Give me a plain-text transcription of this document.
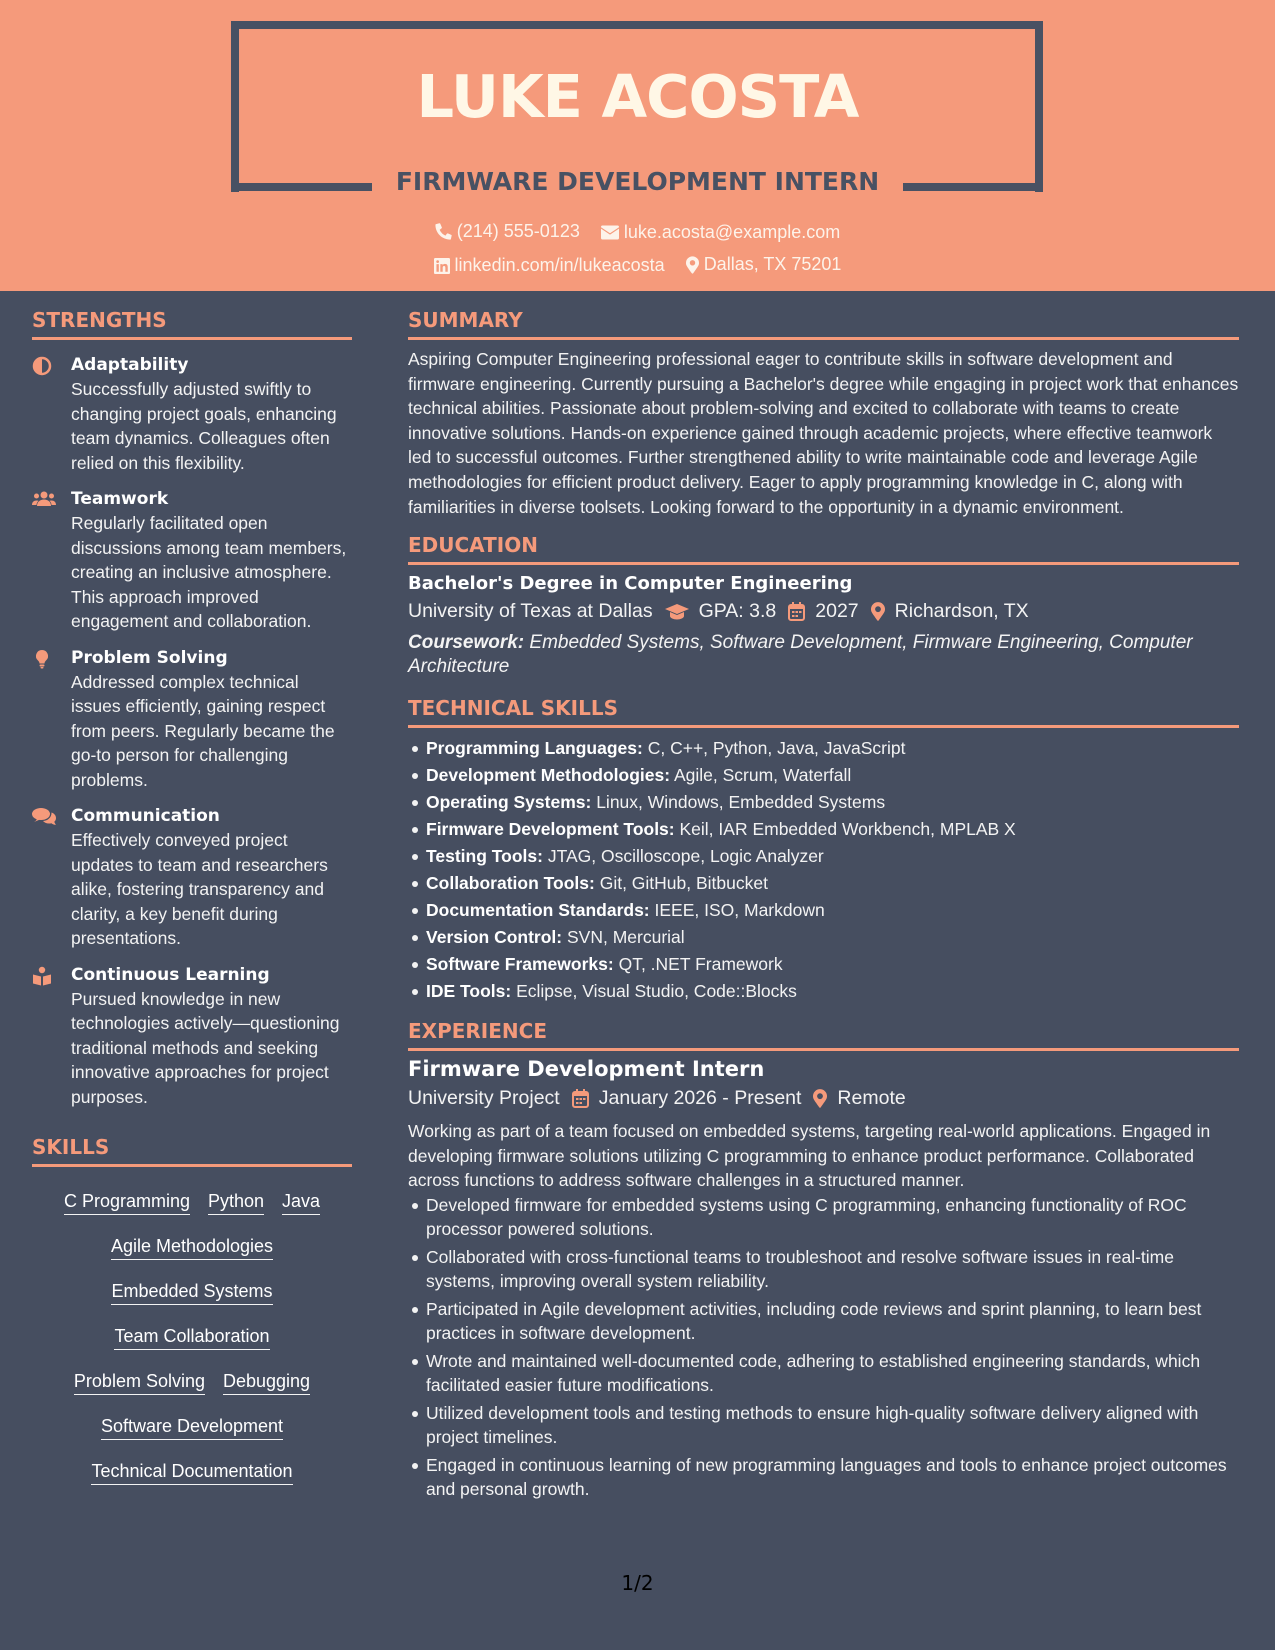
LUKE ACOSTA
FIRMWARE DEVELOPMENT INTERN
(214) 555-0123
luke.acosta@example.com
linkedin.com/in/lukeacosta
Dallas, TX 75201
STRENGTHS
Adaptability

Successfully adjusted swiftly to changing project goals, enhancing team dynamics. Colleagues often relied on this flexibility.

Teamwork

Regularly facilitated open discussions among team members, creating an inclusive atmosphere. This approach improved engagement and collaboration.

Problem Solving

Addressed complex technical issues efficiently, gaining respect from peers. Regularly became the go-to person for challenging problems.

Communication

Effectively conveyed project updates to team and researchers alike, fostering transparency and clarity, a key benefit during presentations.

Continuous Learning

Pursued knowledge in new technologies actively—questioning traditional methods and seeking innovative approaches for project purposes.

SKILLS
C Programming Python Java
Agile Methodologies
Embedded Systems
Team Collaboration
Problem Solving Debugging
Software Development
Technical Documentation
SUMMARY

Aspiring Computer Engineering professional eager to contribute skills in software development and firmware engineering. Currently pursuing a Bachelor's degree while engaging in project work that enhances technical abilities. Passionate about problem-solving and excited to collaborate with teams to create innovative solutions. Hands-on experience gained through academic projects, where effective teamwork led to successful outcomes. Further strengthened ability to write maintainable code and leverage Agile methodologies for efficient product delivery. Eager to apply programming knowledge in C, along with familiarities in diverse toolsets. Looking forward to the opportunity in a dynamic environment.

EDUCATION
Bachelor's Degree in Computer Engineering
University of Texas at Dallas GPA: 3.8 2027 Richardson, TX

Coursework: Embedded Systems, Software Development, Firmware Engineering, Computer Architecture

TECHNICAL SKILLS
Programming Languages: C, C++, Python, Java, JavaScript
Development Methodologies: Agile, Scrum, Waterfall
Operating Systems: Linux, Windows, Embedded Systems
Firmware Development Tools: Keil, IAR Embedded Workbench, MPLAB X
Testing Tools: JTAG, Oscilloscope, Logic Analyzer
Collaboration Tools: Git, GitHub, Bitbucket
Documentation Standards: IEEE, ISO, Markdown
Version Control: SVN, Mercurial
Software Frameworks: QT, .NET Framework
IDE Tools: Eclipse, Visual Studio, Code::Blocks
EXPERIENCE
Firmware Development Intern
University Project January 2026 - Present Remote

Working as part of a team focused on embedded systems, targeting real-world applications. Engaged in developing firmware solutions utilizing C programming to enhance product performance. Collaborated across functions to address software challenges in a structured manner.

Developed firmware for embedded systems using C programming, enhancing functionality of ROC processor powered solutions.
Collaborated with cross-functional teams to troubleshoot and resolve software issues in real-time systems, improving overall system reliability.
Participated in Agile development activities, including code reviews and sprint planning, to learn best practices in software development.
Wrote and maintained well-documented code, adhering to established engineering standards, which facilitated easier future modifications.
Utilized development tools and testing methods to ensure high-quality software delivery aligned with project timelines.
Engaged in continuous learning of new programming languages and tools to enhance project outcomes and personal growth.
1/2
